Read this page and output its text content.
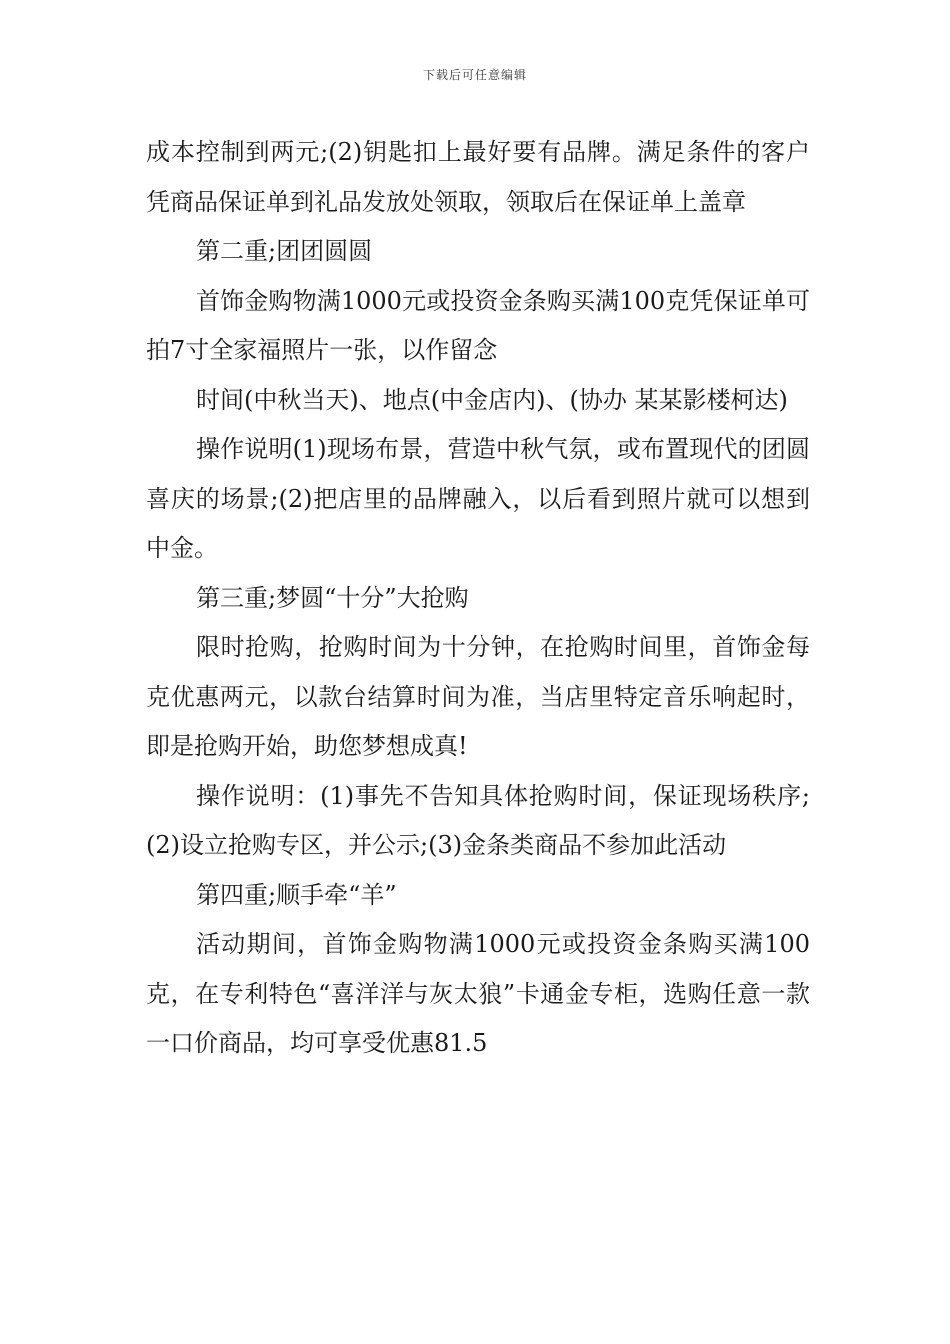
下载后可任意编辑

成本控制到两元;(2)钥匙扣上最好要有品牌。满足条件的客户凭商品保证单到礼品发放处领取，领取后在保证单上盖章

第二重;团团圆圆

首饰金购物满1000元或投资金条购买满100克凭保证单可拍7寸全家福照片一张，以作留念

时间(中秋当天)、地点(中金店内)、(协办 某某影楼柯达)

操作说明(1)现场布景，营造中秋气氛，或布置现代的团圆喜庆的场景;(2)把店里的品牌融入，以后看到照片就可以想到中金。

第三重;梦圆“十分”大抢购

限时抢购，抢购时间为十分钟，在抢购时间里，首饰金每克优惠两元，以款台结算时间为准，当店里特定音乐响起时，即是抢购开始，助您梦想成真!

操作说明：(1)事先不告知具体抢购时间，保证现场秩序;(2)设立抢购专区，并公示;(3)金条类商品不参加此活动

第四重;顺手牵“羊”

活动期间，首饰金购物满1000元或投资金条购买满100克，在专利特色“喜洋洋与灰太狼”卡通金专柜，选购任意一款一口价商品，均可享受优惠81.5
